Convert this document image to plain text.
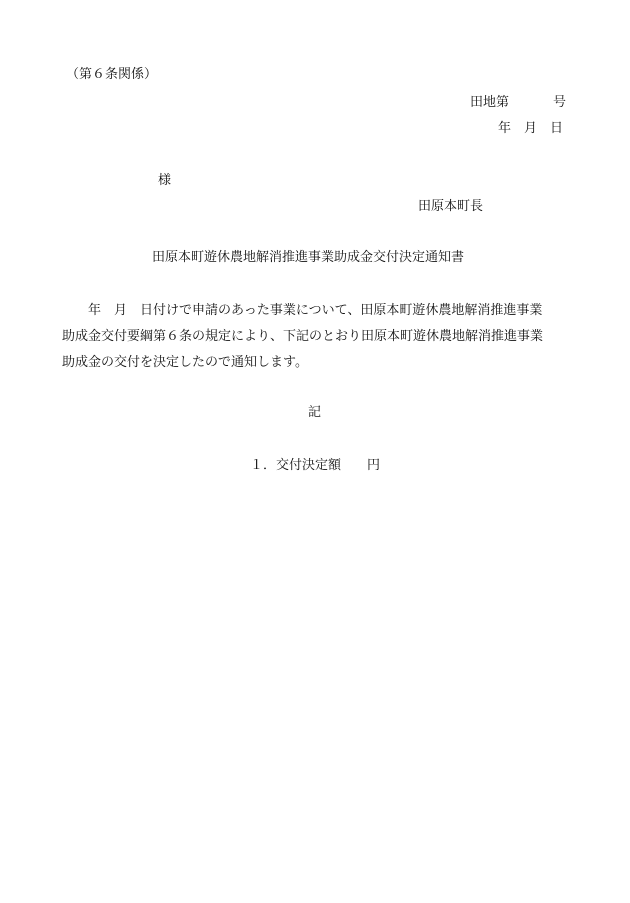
（第６条関係）
田地第	号
年 月 日
様
田原本町長
田原本町遊休農地解消推進事業助成金交付決定通知書
年 月 日付けで申請のあった事業について、田原本町遊休農地解消推進事業
助成金交付要綱第６条の規定により、下記のとおり田原本町遊休農地解消推進事業
助成金の交付を決定したので通知します。
記
１．交付決定額 円
